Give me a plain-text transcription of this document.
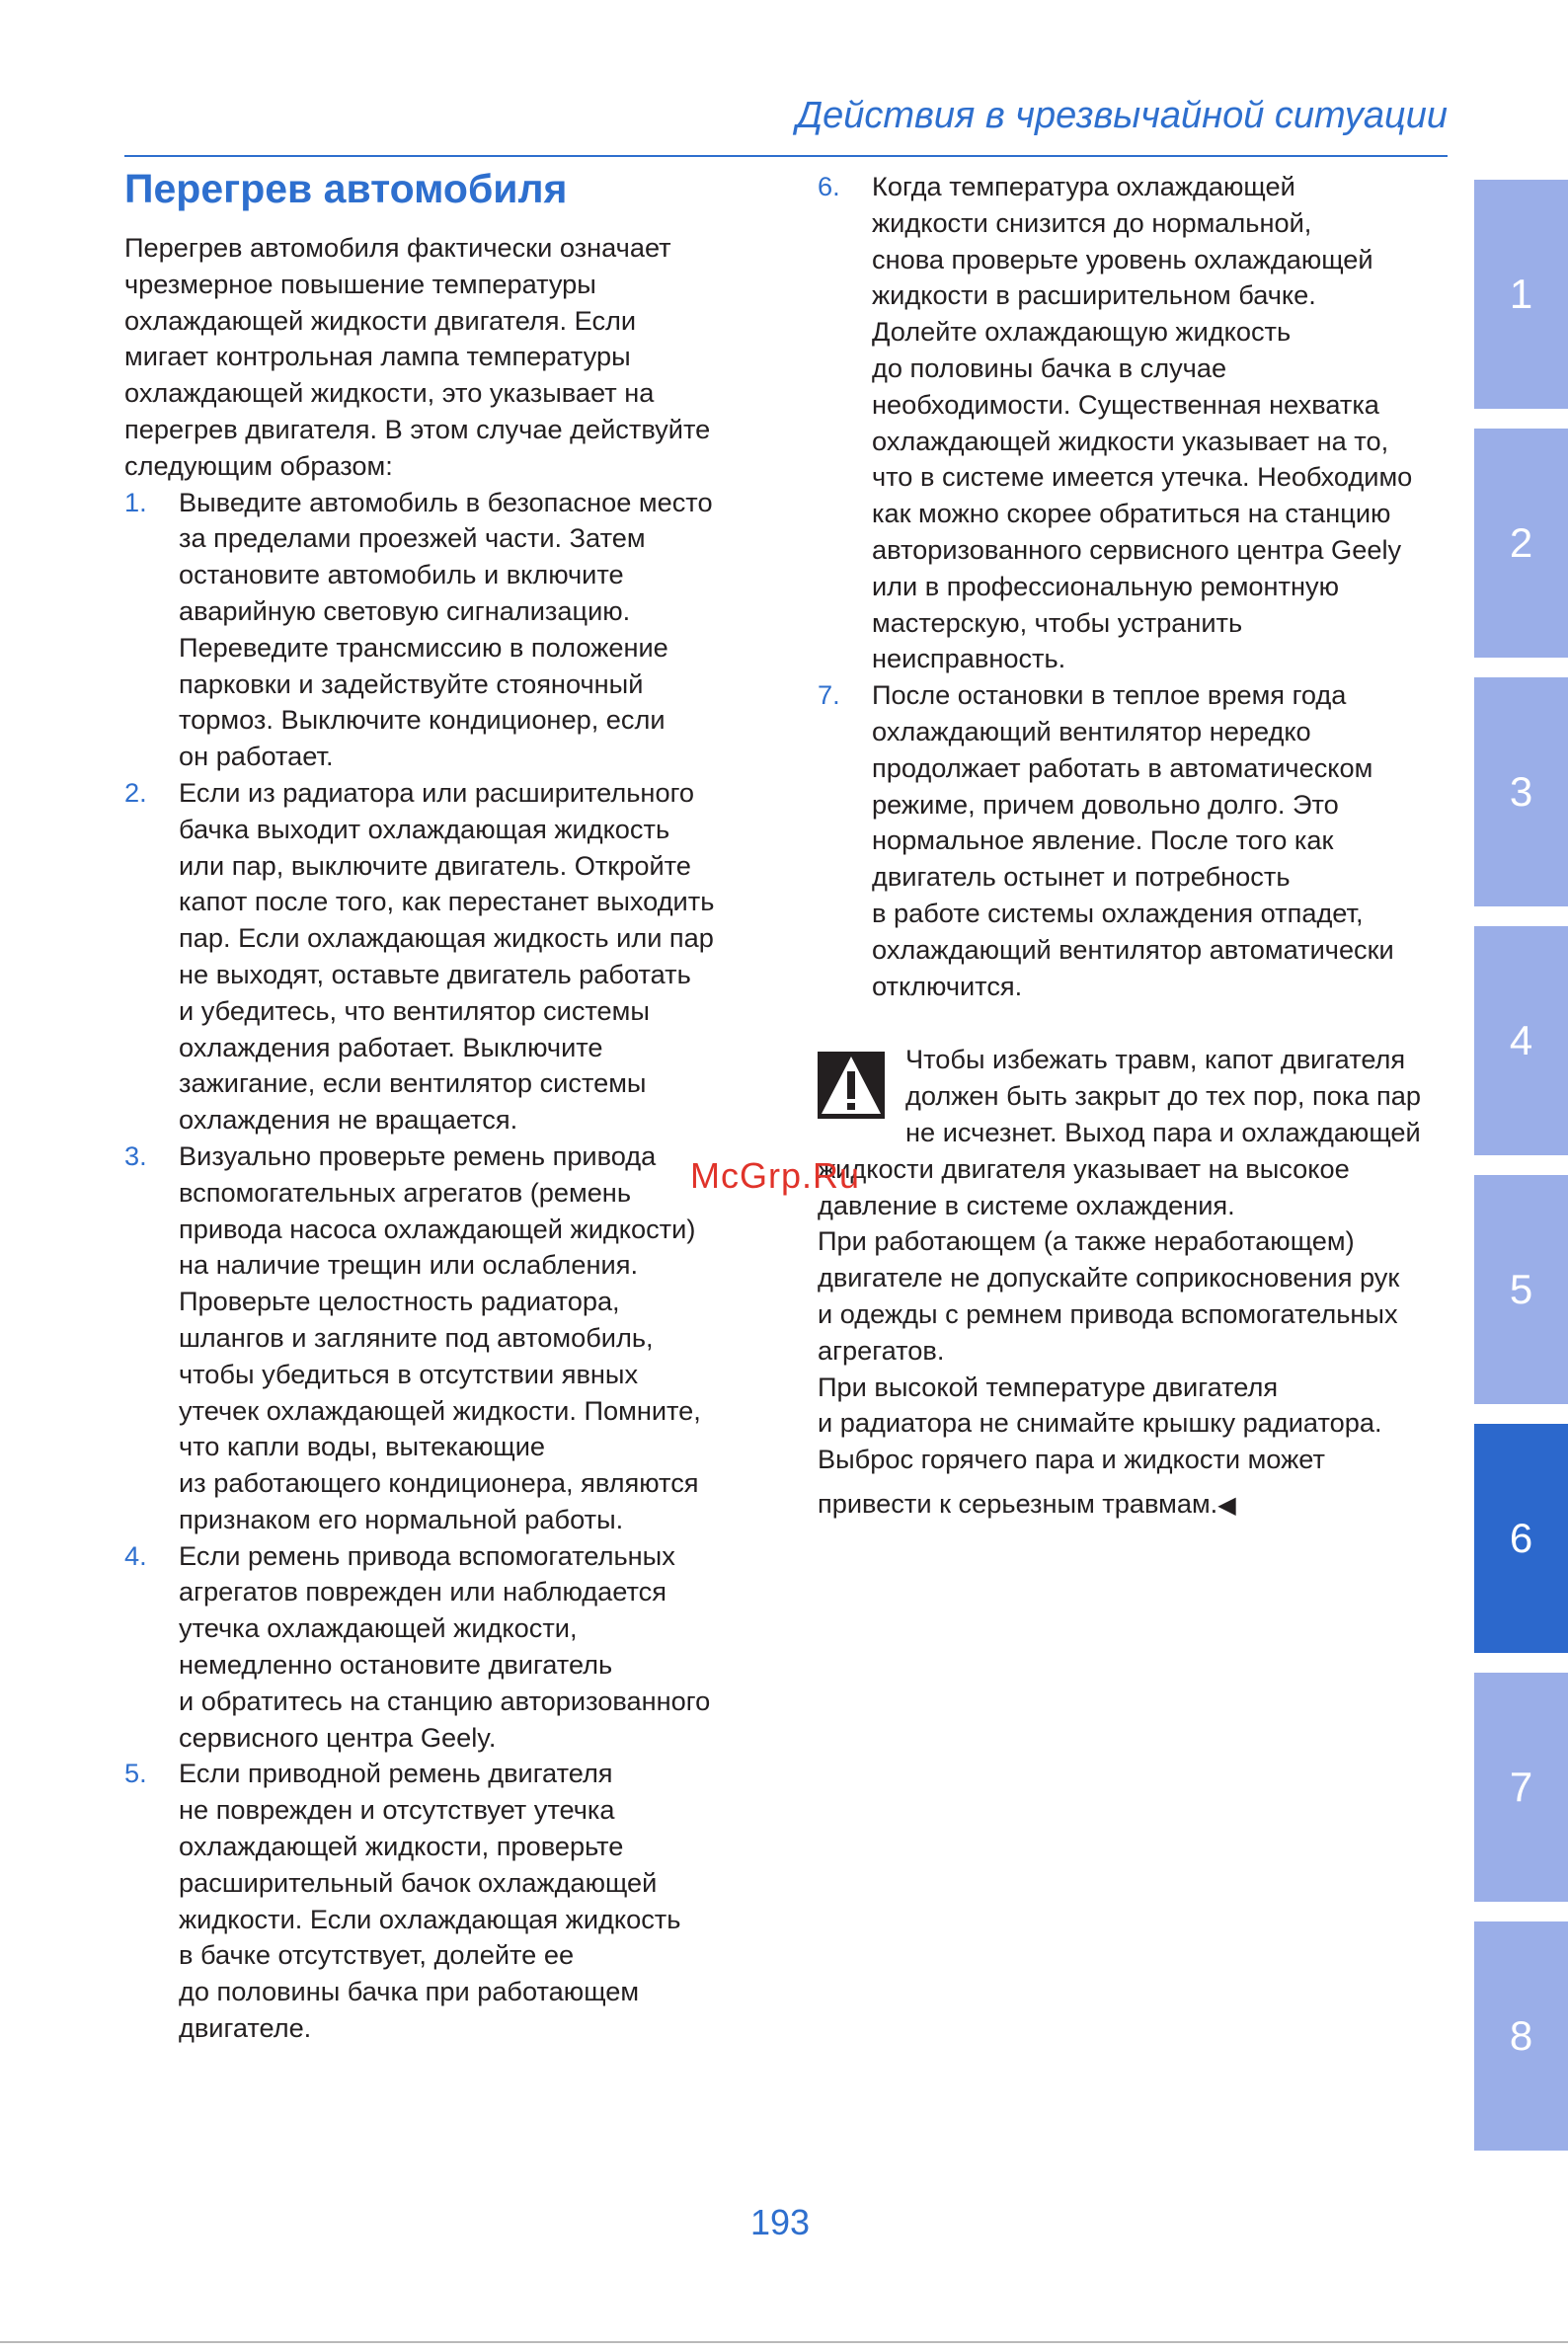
Действия в чрезвычайной ситуации
Перегрев автомобиля
Перегрев автомобиля фактически означает
чрезмерное повышение температуры
охлаждающей жидкости двигателя. Если
мигает контрольная лампа температуры
охлаждающей жидкости, это указывает на
перегрев двигателя. В этом случае действуйте
следующим образом:
1. Выведите автомобиль в безопасное место
за пределами проезжей части. Затем
остановите автомобиль и включите
аварийную световую сигнализацию.
Переведите трансмиссию в положение
парковки и задействуйте стояночный
тормоз. Выключите кондиционер, если
он работает.
2. Если из радиатора или расширительного
бачка выходит охлаждающая жидкость
или пар, выключите двигатель. Откройте
капот после того, как перестанет выходить
пар. Если охлаждающая жидкость или пар
не выходят, оставьте двигатель работать
и убедитесь, что вентилятор системы
охлаждения работает. Выключите
зажигание, если вентилятор системы
охлаждения не вращается.
3. Визуально проверьте ремень привода
вспомогательных агрегатов (ремень
привода насоса охлаждающей жидкости)
на наличие трещин или ослабления.
Проверьте целостность радиатора,
шлангов и загляните под автомобиль,
чтобы убедиться в отсутствии явных
утечек охлаждающей жидкости. Помните,
что капли воды, вытекающие
из работающего кондиционера, являются
признаком его нормальной работы.
4. Если ремень привода вспомогательных
агрегатов поврежден или наблюдается
утечка охлаждающей жидкости,
немедленно остановите двигатель
и обратитесь на станцию авторизованного
сервисного центра Geely.
5. Если приводной ремень двигателя
не поврежден и отсутствует утечка
охлаждающей жидкости, проверьте
расширительный бачок охлаждающей
жидкости. Если охлаждающая жидкость
в бачке отсутствует, долейте ее
до половины бачка при работающем
двигателе.
6. Когда температура охлаждающей
жидкости снизится до нормальной,
снова проверьте уровень охлаждающей
жидкости в расширительном бачке.
Долейте охлаждающую жидкость
до половины бачка в случае
необходимости. Существенная нехватка
охлаждающей жидкости указывает на то,
что в системе имеется утечка. Необходимо
как можно скорее обратиться на станцию
авторизованного сервисного центра Geely
или в профессиональную ремонтную
мастерскую, чтобы устранить
неисправность.
7. После остановки в теплое время года
охлаждающий вентилятор нередко
продолжает работать в автоматическом
режиме, причем довольно долго. Это
нормальное явление. После того как
двигатель остынет и потребность
в работе системы охлаждения отпадет,
охлаждающий вентилятор автоматически
отключится.
Чтобы избежать травм, капот двигателя
должен быть закрыт до тех пор, пока пар
не исчезнет. Выход пара и охлаждающей
жидкости двигателя указывает на высокое
давление в системе охлаждения.
При работающем (а также неработающем)
двигателе не допускайте соприкосновения рук
и одежды с ремнем привода вспомогательных
агрегатов.
При высокой температуре двигателя
и радиатора не снимайте крышку радиатора.
Выброс горячего пара и жидкости может
привести к серьезным травмам.◀
McGrp.Ru
1
2
3
4
5
6
7
8
193
